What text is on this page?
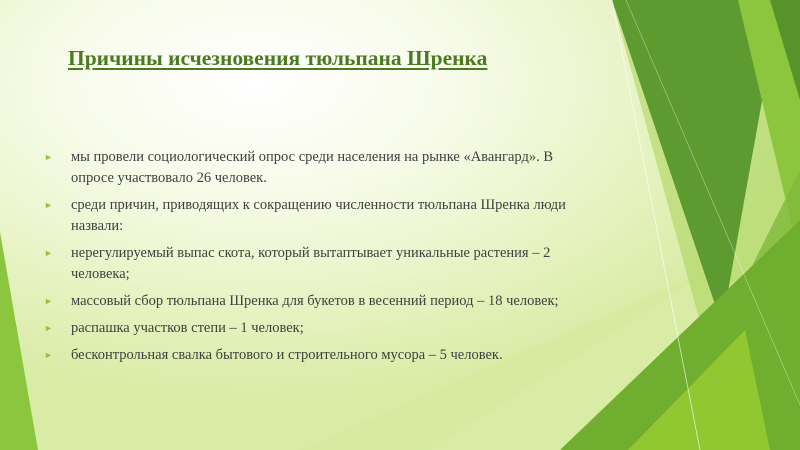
Причины исчезновения тюльпана Шренка
►	мы провели социологический опрос среди населения на рынке «Авангард». В опросе участвовало 26 человек.
►	среди причин, приводящих к сокращению численности тюльпана Шренка люди назвали:
►	нерегулируемый выпас скота, который вытаптывает уникальные растения – 2 человека;
►	массовый сбор тюльпана Шренка для букетов в весенний период – 18 человек;
►	распашка участков степи – 1 человек;
►	бесконтрольная свалка бытового и строительного мусора – 5 человек.
